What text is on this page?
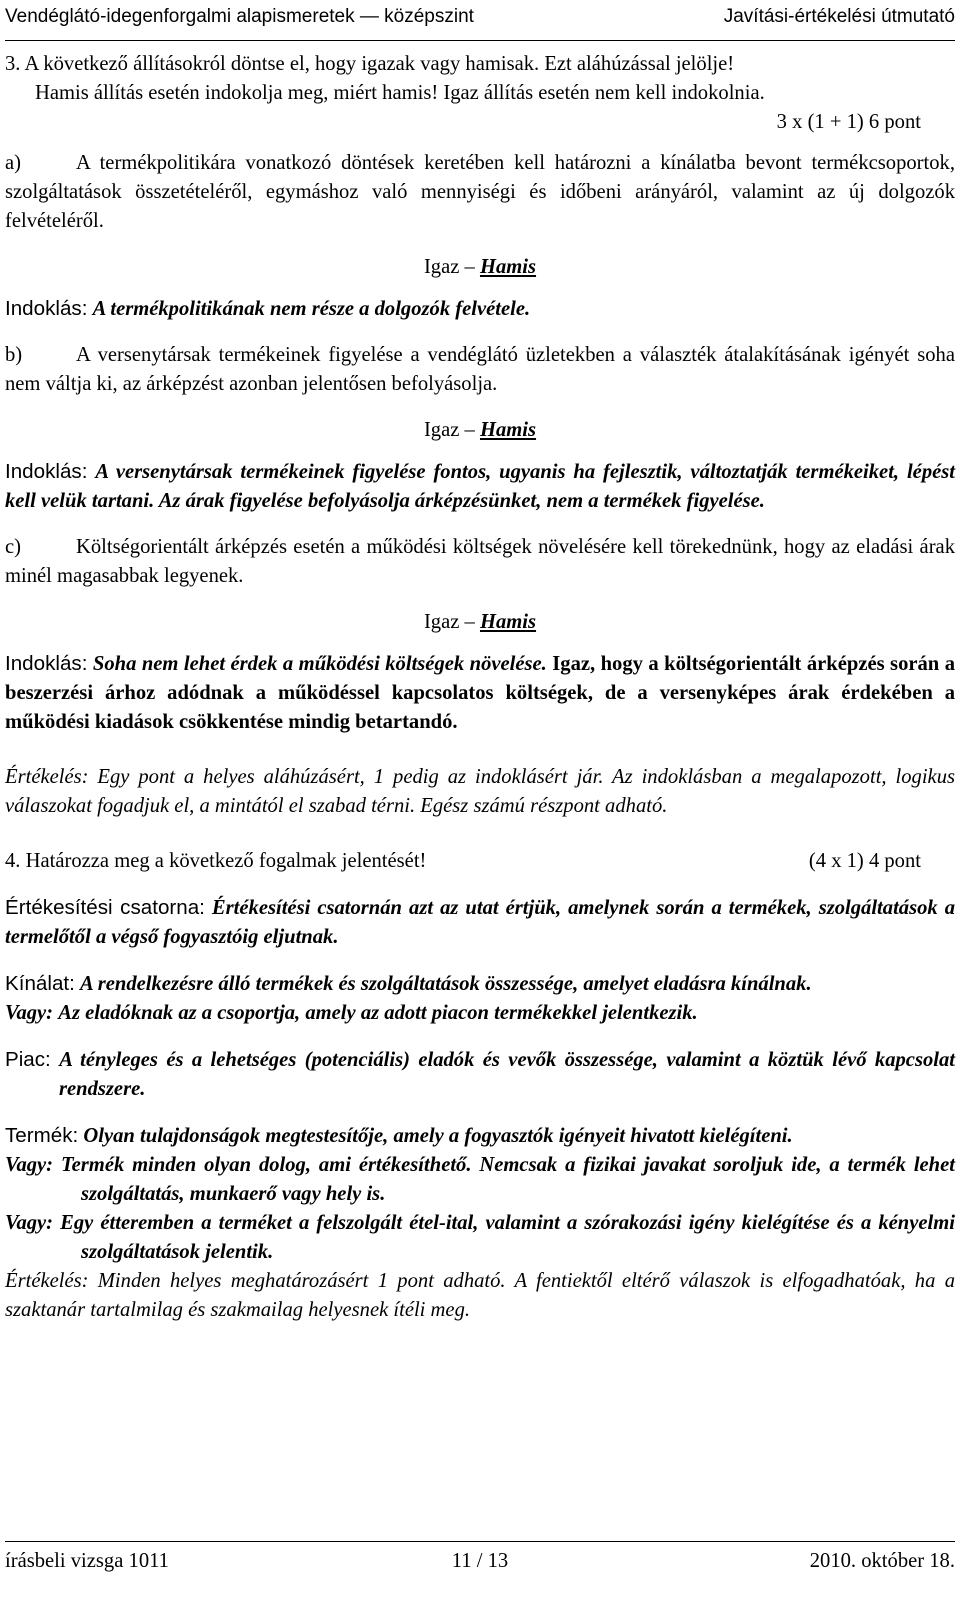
Vendéglátó-idegenforgalmi alapismeretek — középszint	Javítási-értékelési útmutató

3. A következő állításokról döntse el, hogy igazak vagy hamisak. Ezt aláhúzással jelölje!

Hamis állítás esetén indokolja meg, miért hamis! Igaz állítás esetén nem kell indokolnia.

3 x (1 + 1) 6 pont

a)	A termékpolitikára vonatkozó döntések keretében kell határozni a kínálatba bevont termékcsoportok, szolgáltatások összetételéről, egymáshoz való mennyiségi és időbeni arányáról, valamint az új dolgozók felvételéről.

Igaz – Hamis

Indoklás: A termékpolitikának nem része a dolgozók felvétele.

b)	A versenytársak termékeinek figyelése a vendéglátó üzletekben a választék átalakításának igényét soha nem váltja ki, az árképzést azonban jelentősen befolyásolja.

Igaz – Hamis

Indoklás: A versenytársak termékeinek figyelése fontos, ugyanis ha fejlesztik, változtatják termékeiket, lépést kell velük tartani. Az árak figyelése befolyásolja árképzésünket, nem a termékek figyelése.

c)	Költségorientált árképzés esetén a működési költségek növelésére kell törekednünk, hogy az eladási árak minél magasabbak legyenek.

Igaz – Hamis

Indoklás: Soha nem lehet érdek a működési költségek növelése. Igaz, hogy a költségorientált árképzés során a beszerzési árhoz adódnak a működéssel kapcsolatos költségek, de a versenyképes árak érdekében a működési kiadások csökkentése mindig betartandó.

Értékelés: Egy pont a helyes aláhúzásért, 1 pedig az indoklásért jár. Az indoklásban a megalapozott, logikus válaszokat fogadjuk el, a mintától el szabad térni. Egész számú részpont adható.

4. Határozza meg a következő fogalmak jelentését!	(4 x 1) 4 pont

Értékesítési csatorna: Értékesítési csatornán azt az utat értjük, amelynek során a termékek, szolgáltatások a termelőtől a végső fogyasztóig eljutnak.

Kínálat: A rendelkezésre álló termékek és szolgáltatások összessége, amelyet eladásra kínálnak.

Vagy: Az eladóknak az a csoportja, amely az adott piacon termékekkel jelentkezik.

Piac: A tényleges és a lehetséges (potenciális) eladók és vevők összessége, valamint a köztük lévő kapcsolat rendszere.

Termék: Olyan tulajdonságok megtestesítője, amely a fogyasztók igényeit hivatott kielégíteni.

Vagy: Termék minden olyan dolog, ami értékesíthető. Nemcsak a fizikai javakat soroljuk ide, a termék lehet szolgáltatás, munkaerő vagy hely is.

Vagy: Egy étteremben a terméket a felszolgált étel-ital, valamint a szórakozási igény kielégítése és a kényelmi szolgáltatások jelentik.

Értékelés: Minden helyes meghatározásért 1 pont adható. A fentiektől eltérő válaszok is elfogadhatóak, ha a szaktanár tartalmilag és szakmailag helyesnek ítéli meg.

írásbeli vizsga 1011	11 / 13	2010. október 18.
